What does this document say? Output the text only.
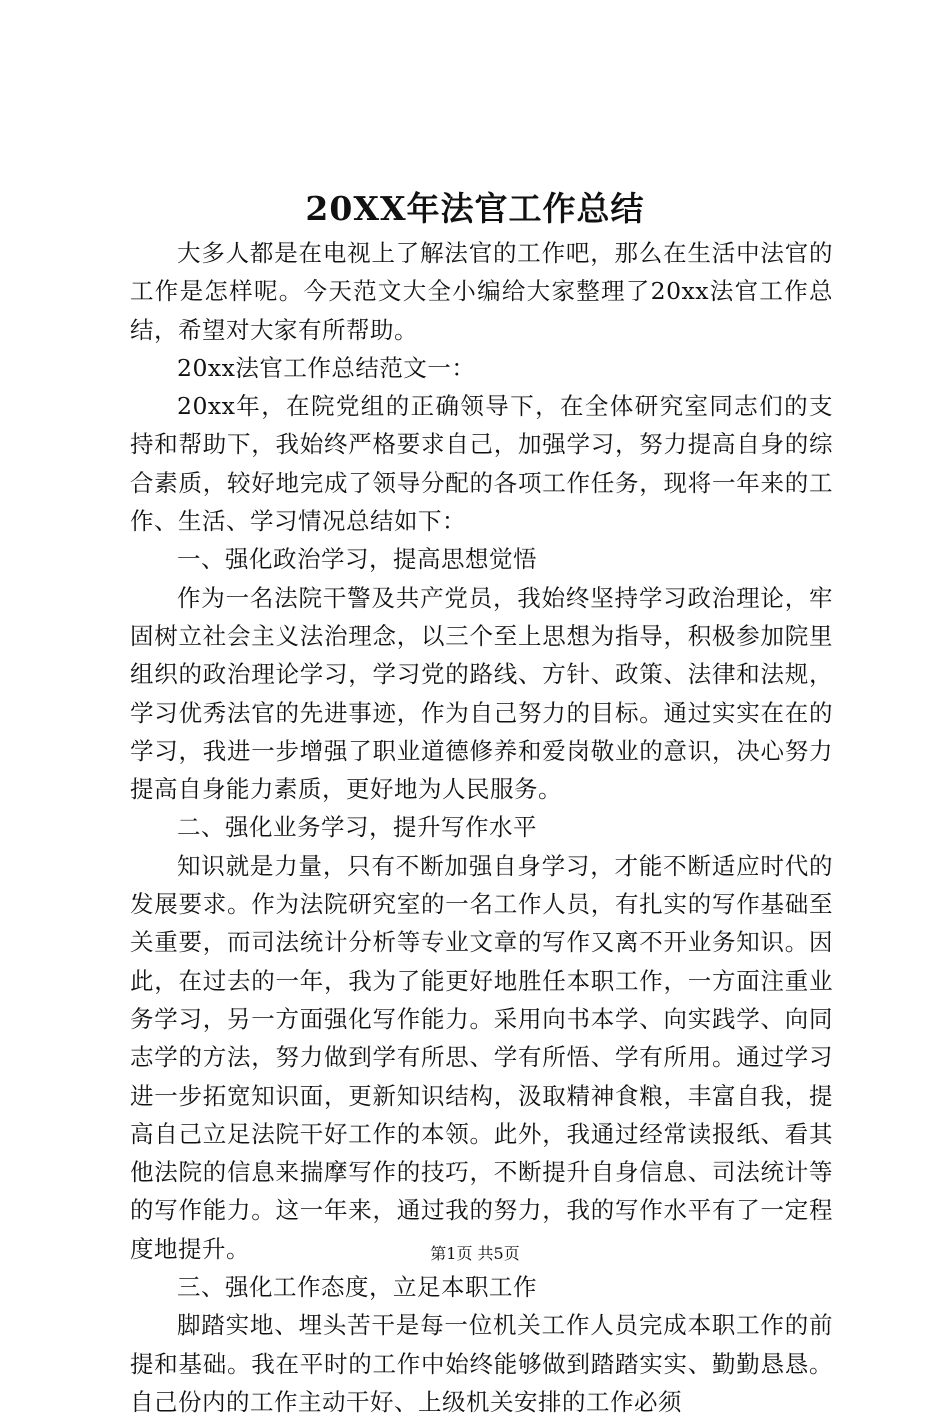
20XX年法官工作总结

大多人都是在电视上了解法官的工作吧，那么在生活中法官的工作是怎样呢。今天范文大全小编给大家整理了20xx法官工作总结，希望对大家有所帮助。

20xx法官工作总结范文一：

20xx年，在院党组的正确领导下，在全体研究室同志们的支持和帮助下，我始终严格要求自己，加强学习，努力提高自身的综合素质，较好地完成了领导分配的各项工作任务，现将一年来的工作、生活、学习情况总结如下：

一、强化政治学习，提高思想觉悟

作为一名法院干警及共产党员，我始终坚持学习政治理论，牢固树立社会主义法治理念，以三个至上思想为指导，积极参加院里组织的政治理论学习，学习党的路线、方针、政策、法律和法规，学习优秀法官的先进事迹，作为自己努力的目标。通过实实在在的学习，我进一步增强了职业道德修养和爱岗敬业的意识，决心努力提高自身能力素质，更好地为人民服务。

二、强化业务学习，提升写作水平

知识就是力量，只有不断加强自身学习，才能不断适应时代的发展要求。作为法院研究室的一名工作人员，有扎实的写作基础至关重要，而司法统计分析等专业文章的写作又离不开业务知识。因此，在过去的一年，我为了能更好地胜任本职工作，一方面注重业务学习，另一方面强化写作能力。采用向书本学、向实践学、向同志学的方法，努力做到学有所思、学有所悟、学有所用。通过学习进一步拓宽知识面，更新知识结构，汲取精神食粮，丰富自我，提高自己立足法院干好工作的本领。此外，我通过经常读报纸、看其他法院的信息来揣摩写作的技巧，不断提升自身信息、司法统计等的写作能力。这一年来，通过我的努力，我的写作水平有了一定程度地提升。

三、强化工作态度，立足本职工作

脚踏实地、埋头苦干是每一位机关工作人员完成本职工作的前提和基础。我在平时的工作中始终能够做到踏踏实实、勤勤恳恳。自己份内的工作主动干好、上级机关安排的工作必须

第1页 共5页
